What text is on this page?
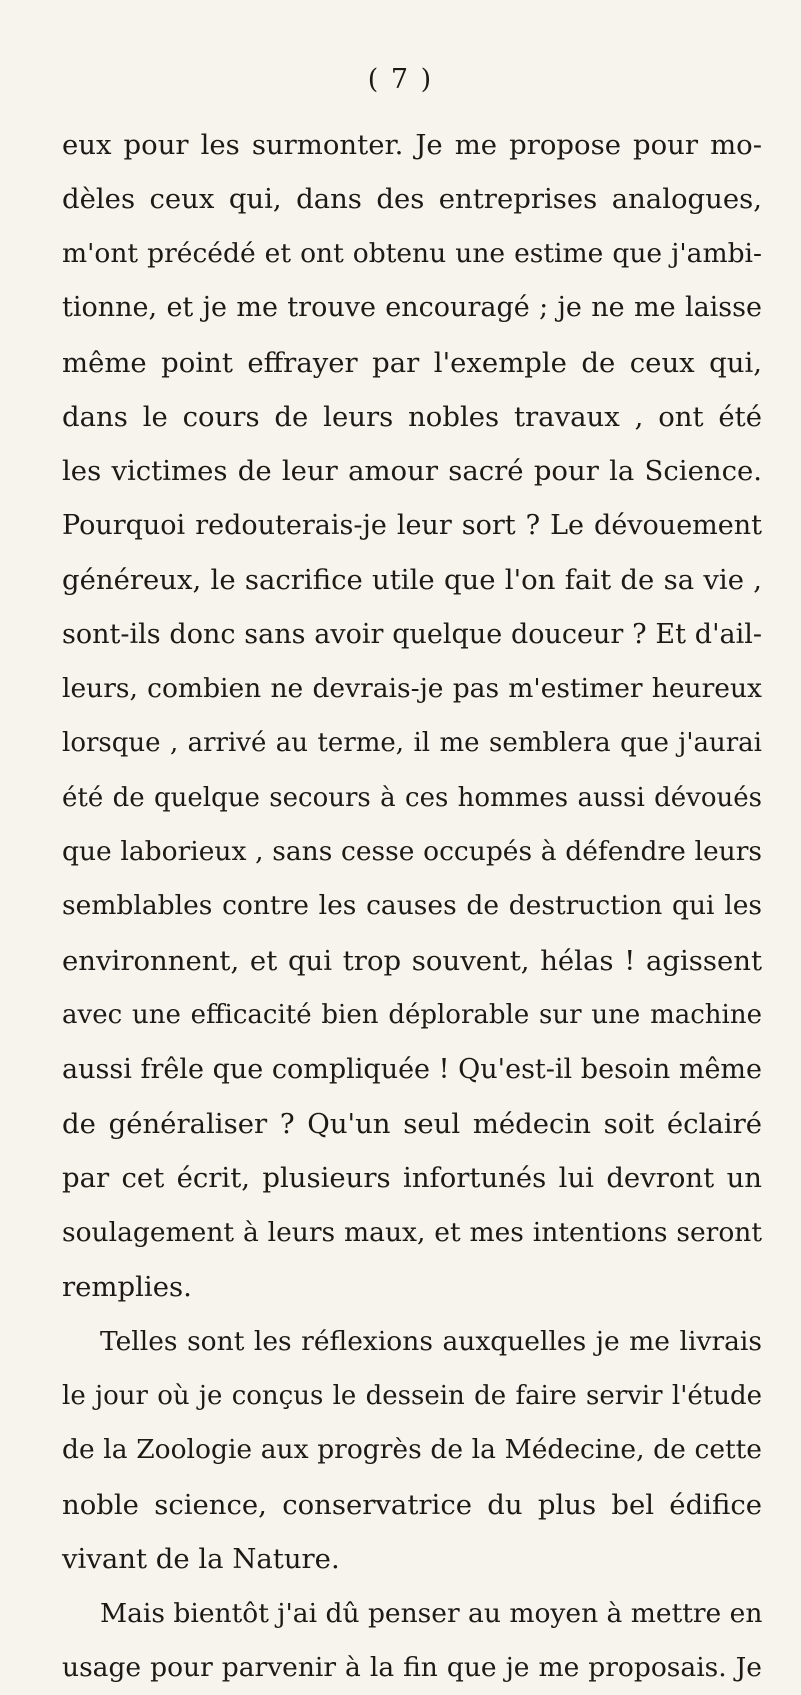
( 7 )
eux pour les surmonter. Je me propose pour mo-
dèles ceux qui, dans des entreprises analogues,
m'ont précédé et ont obtenu une estime que j'ambi-
tionne, et je me trouve encouragé ; je ne me laisse
même point effrayer par l'exemple de ceux qui,
dans le cours de leurs nobles travaux , ont été
les victimes de leur amour sacré pour la Science.
Pourquoi redouterais-je leur sort ? Le dévouement
généreux, le sacrifice utile que l'on fait de sa vie ,
sont-ils donc sans avoir quelque douceur ? Et d'ail-
leurs, combien ne devrais-je pas m'estimer heureux
lorsque , arrivé au terme, il me semblera que j'aurai
été de quelque secours à ces hommes aussi dévoués
que laborieux , sans cesse occupés à défendre leurs
semblables contre les causes de destruction qui les
environnent, et qui trop souvent, hélas ! agissent
avec une efficacité bien déplorable sur une machine
aussi frêle que compliquée ! Qu'est-il besoin même
de généraliser ? Qu'un seul médecin soit éclairé
par cet écrit, plusieurs infortunés lui devront un
soulagement à leurs maux, et mes intentions seront
remplies.
Telles sont les réflexions auxquelles je me livrais
le jour où je conçus le dessein de faire servir l'étude
de la Zoologie aux progrès de la Médecine, de cette
noble science, conservatrice du plus bel édifice
vivant de la Nature.
Mais bientôt j'ai dû penser au moyen à mettre en
usage pour parvenir à la fin que je me proposais. Je
